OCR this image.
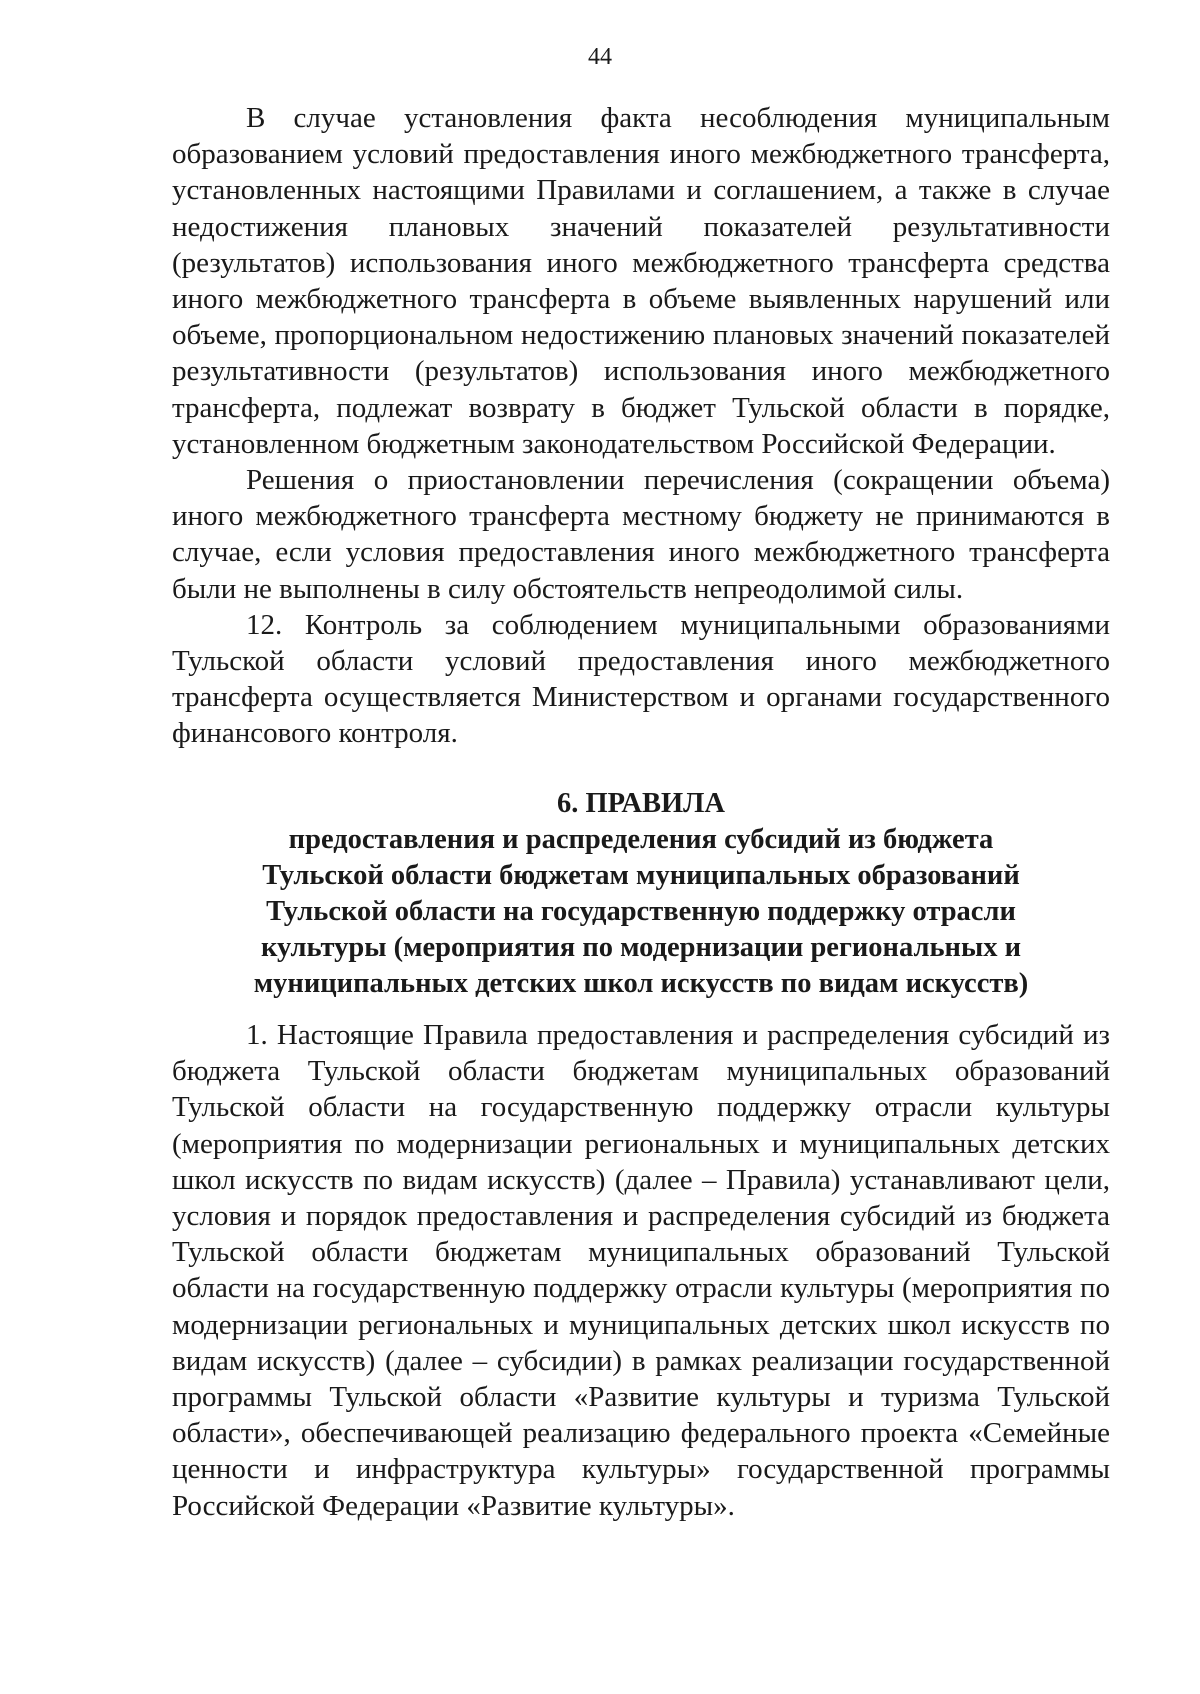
44

В случае установления факта несоблюдения муниципальным образованием условий предоставления иного межбюджетного трансферта, установленных настоящими Правилами и соглашением, а также в случае недостижения плановых значений показателей результативности (результатов) использования иного межбюджетного трансферта средства иного межбюджетного трансферта в объеме выявленных нарушений или объеме, пропорциональном недостижению плановых значений показателей результативности (результатов) использования иного межбюджетного трансферта, подлежат возврату в бюджет Тульской области в порядке, установленном бюджетным законодательством Российской Федерации.

Решения о приостановлении перечисления (сокращении объема) иного межбюджетного трансферта местному бюджету не принимаются в случае, если условия предоставления иного межбюджетного трансферта были не выполнены в силу обстоятельств непреодолимой силы.

12. Контроль за соблюдением муниципальными образованиями Тульской области условий предоставления иного межбюджетного трансферта осуществляется Министерством и органами государственного финансового контроля.

6. ПРАВИЛА
предоставления и распределения субсидий из бюджета
Тульской области бюджетам муниципальных образований
Тульской области на государственную поддержку отрасли
культуры (мероприятия по модернизации региональных и
муниципальных детских школ искусств по видам искусств)

1. Настоящие Правила предоставления и распределения субсидий из бюджета Тульской области бюджетам муниципальных образований Тульской области на государственную поддержку отрасли культуры (мероприятия по модернизации региональных и муниципальных детских школ искусств по видам искусств) (далее – Правила) устанавливают цели, условия и порядок предоставления и распределения субсидий из бюджета Тульской области бюджетам муниципальных образований Тульской области на государственную поддержку отрасли культуры (мероприятия по модернизации региональных и муниципальных детских школ искусств по видам искусств) (далее – субсидии) в рамках реализации государственной программы Тульской области «Развитие культуры и туризма Тульской области», обеспечивающей реализацию федерального проекта «Семейные ценности и инфраструктура культуры» государственной программы Российской Федерации «Развитие культуры».
